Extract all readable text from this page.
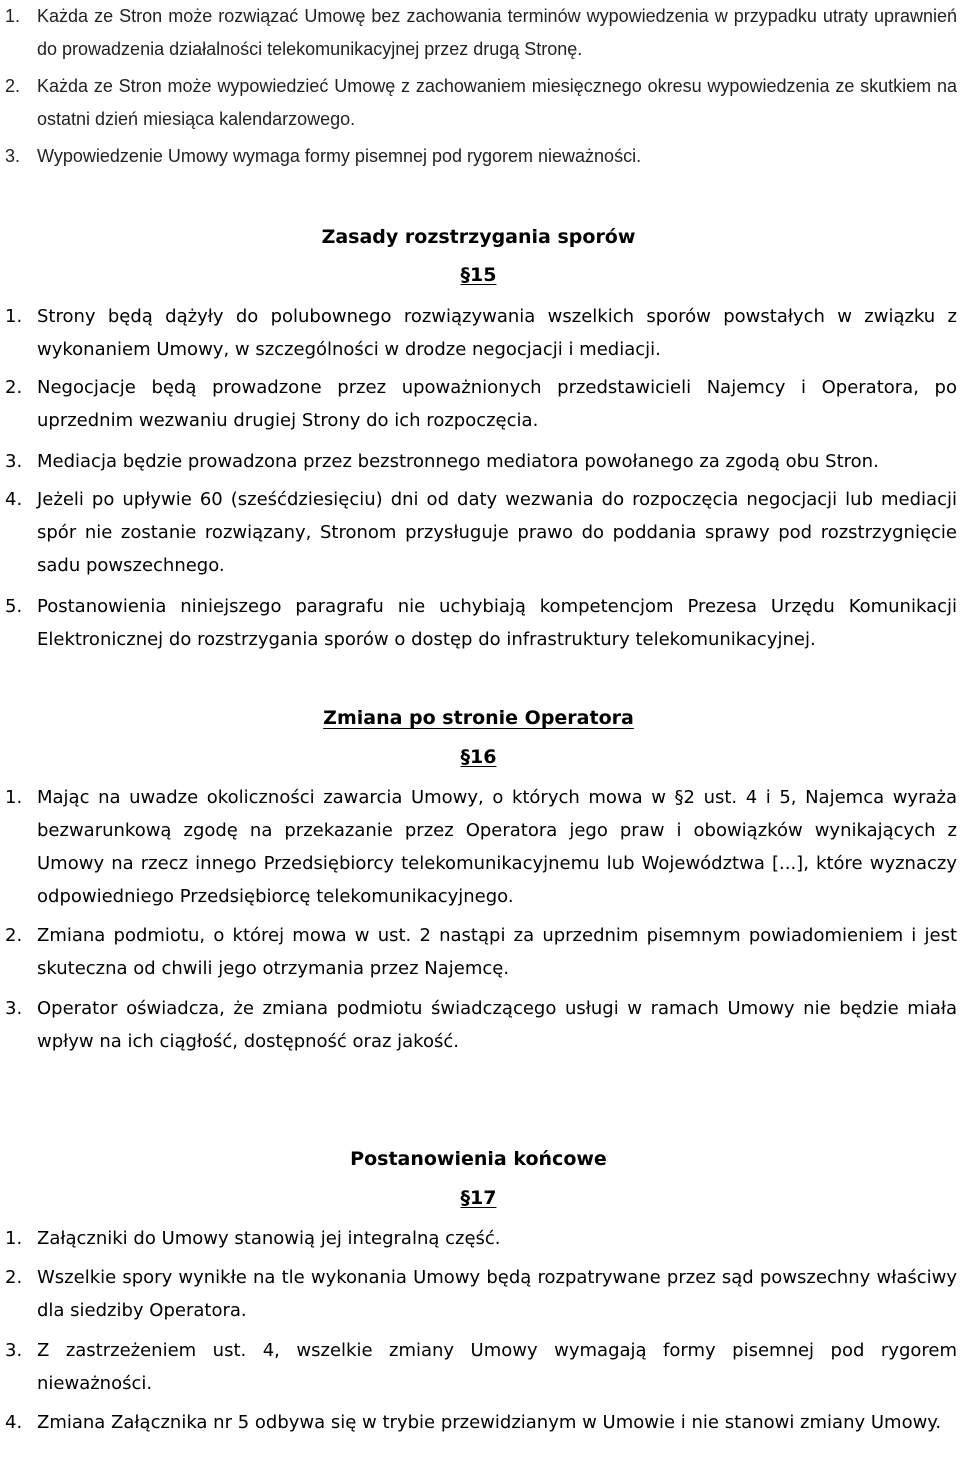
1. Każda ze Stron może rozwiązać Umowę bez zachowania terminów wypowiedzenia w przypadku utraty uprawnień do prowadzenia działalności telekomunikacyjnej przez drugą Stronę.
2. Każda ze Stron może wypowiedzieć Umowę z zachowaniem miesięcznego okresu wypowiedzenia ze skutkiem na ostatni dzień miesiąca kalendarzowego.
3. Wypowiedzenie Umowy wymaga formy pisemnej pod rygorem nieważności.
Zasady rozstrzygania sporów
§15
1. Strony będą dążyły do polubownego rozwiązywania wszelkich sporów powstałych w związku z wykonaniem Umowy, w szczególności w drodze negocjacji i mediacji.
2. Negocjacje będą prowadzone przez upoważnionych przedstawicieli Najemcy i Operatora, po uprzednim wezwaniu drugiej Strony do ich rozpoczęcia.
3. Mediacja będzie prowadzona przez bezstronnego mediatora powołanego za zgodą obu Stron.
4. Jeżeli po upływie 60 (sześćdziesięciu) dni od daty wezwania do rozpoczęcia negocjacji lub mediacji spór nie zostanie rozwiązany, Stronom przysługuje prawo do poddania sprawy pod rozstrzygnięcie sadu powszechnego.
5. Postanowienia niniejszego paragrafu nie uchybiają kompetencjom Prezesa Urzędu Komunikacji Elektronicznej do rozstrzygania sporów o dostęp do infrastruktury telekomunikacyjnej.
Zmiana po stronie Operatora
§16
1. Mając na uwadze okoliczności zawarcia Umowy, o których mowa w §2 ust. 4 i 5, Najemca wyraża bezwarunkową zgodę na przekazanie przez Operatora jego praw i obowiązków wynikających z Umowy na rzecz innego Przedsiębiorcy telekomunikacyjnemu lub Województwa [...], które wyznaczy odpowiedniego Przedsiębiorcę telekomunikacyjnego.
2. Zmiana podmiotu, o której mowa w ust. 2 nastąpi za uprzednim pisemnym powiadomieniem i jest skuteczna od chwili jego otrzymania przez Najemcę.
3. Operator oświadcza, że zmiana podmiotu świadczącego usługi w ramach Umowy nie będzie miała wpływ na ich ciągłość, dostępność oraz jakość.
Postanowienia końcowe
§17
1. Załączniki do Umowy stanowią jej integralną część.
2. Wszelkie spory wynikłe na tle wykonania Umowy będą rozpatrywane przez sąd powszechny właściwy dla siedziby Operatora.
3. Z zastrzeżeniem ust. 4, wszelkie zmiany Umowy wymagają formy pisemnej pod rygorem nieważności.
4. Zmiana Załącznika nr 5 odbywa się w trybie przewidzianym w Umowie i nie stanowi zmiany Umowy.
